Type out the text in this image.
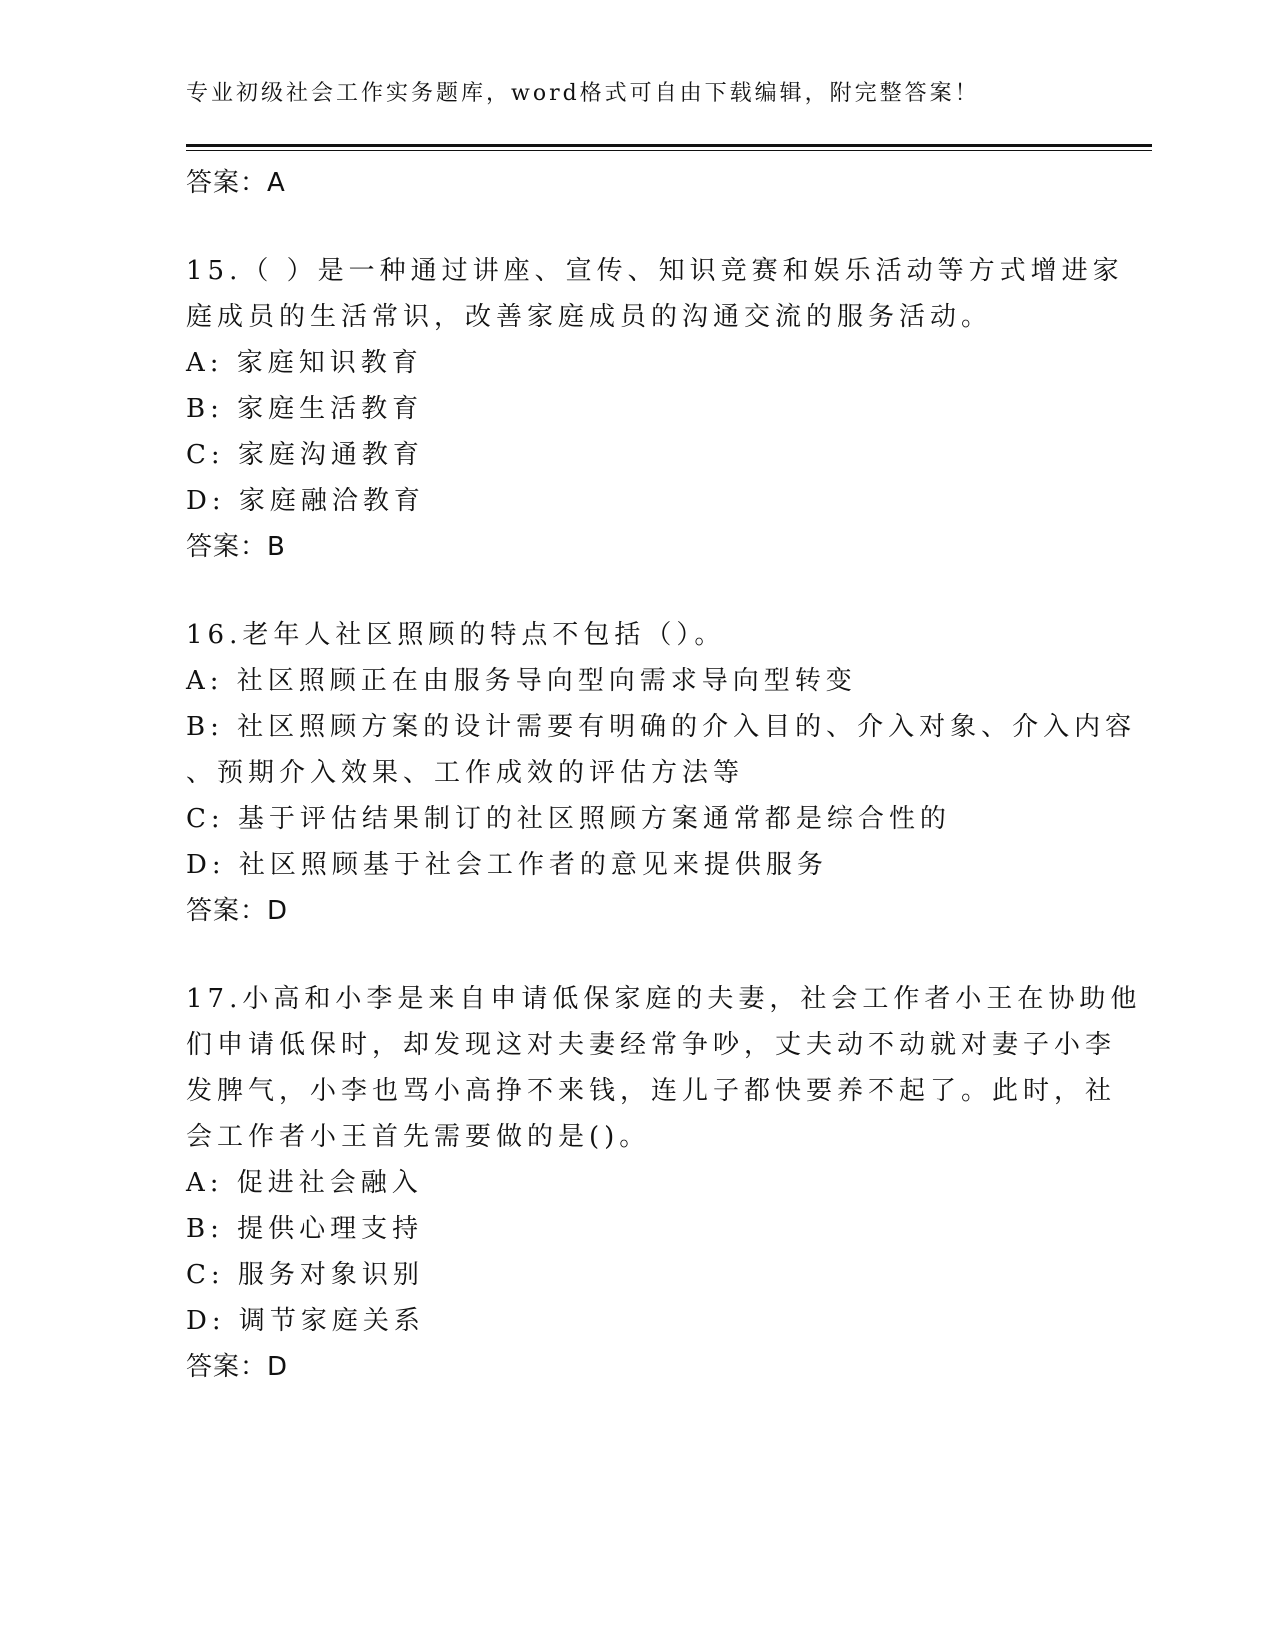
专业初级社会工作实务题库，word格式可自由下载编辑，附完整答案！
答案：A
15.（ ）是一种通过讲座、宣传、知识竞赛和娱乐活动等方式增进家
庭成员的生活常识，改善家庭成员的沟通交流的服务活动。
A: 家庭知识教育
B: 家庭生活教育
C: 家庭沟通教育
D: 家庭融洽教育
答案：B
16.老年人社区照顾的特点不包括（）。
A: 社区照顾正在由服务导向型向需求导向型转变
B: 社区照顾方案的设计需要有明确的介入目的、介入对象、介入内容
、预期介入效果、工作成效的评估方法等
C: 基于评估结果制订的社区照顾方案通常都是综合性的
D: 社区照顾基于社会工作者的意见来提供服务
答案：D
17.小高和小李是来自申请低保家庭的夫妻，社会工作者小王在协助他
们申请低保时，却发现这对夫妻经常争吵，丈夫动不动就对妻子小李
发脾气，小李也骂小高挣不来钱，连儿子都快要养不起了。此时，社
会工作者小王首先需要做的是()。
A: 促进社会融入
B: 提供心理支持
C: 服务对象识别
D: 调节家庭关系
答案：D
